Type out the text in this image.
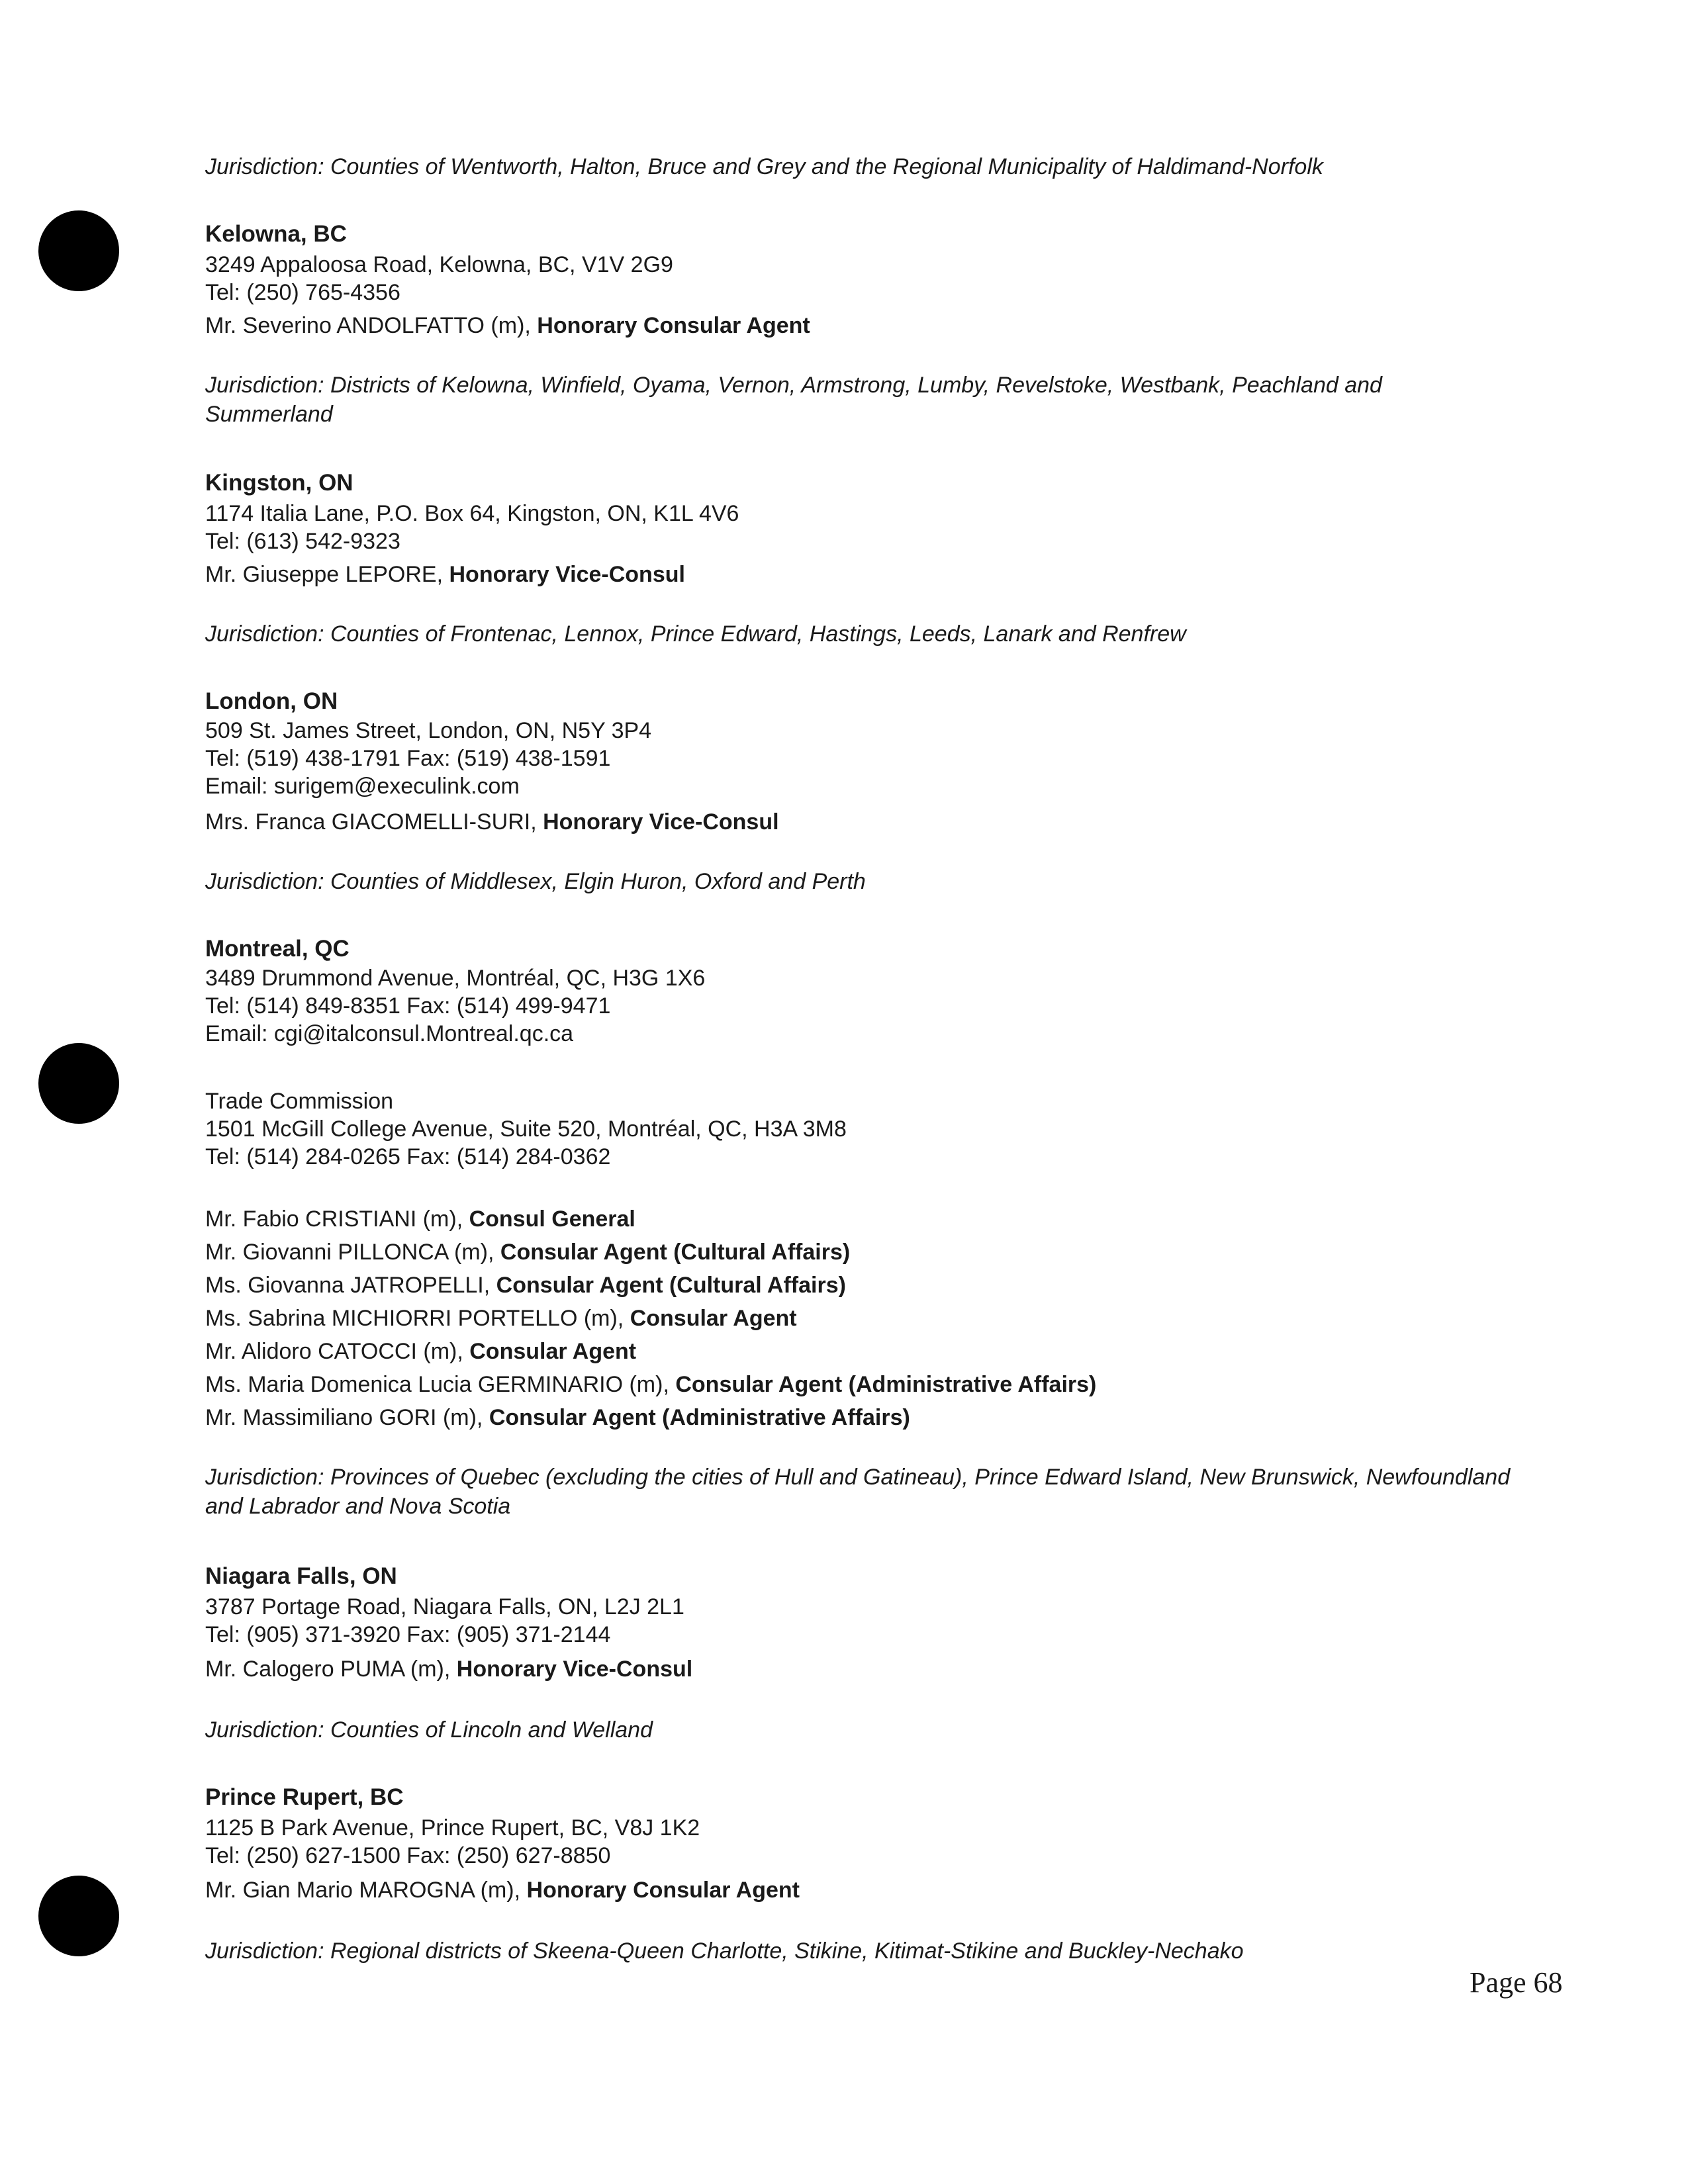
Jurisdiction: Counties of Wentworth, Halton, Bruce and Grey and the Regional Municipality of Haldimand-Norfolk
Kelowna, BC
3249 Appaloosa Road, Kelowna, BC, V1V 2G9
Tel: (250) 765-4356
Mr. Severino ANDOLFATTO (m), Honorary Consular Agent
Jurisdiction: Districts of Kelowna, Winfield, Oyama, Vernon, Armstrong, Lumby, Revelstoke, Westbank, Peachland and Summerland
Kingston, ON
1174 Italia Lane, P.O. Box 64, Kingston, ON, K1L 4V6
Tel: (613) 542-9323
Mr. Giuseppe LEPORE, Honorary Vice-Consul
Jurisdiction: Counties of Frontenac, Lennox, Prince Edward, Hastings, Leeds, Lanark and Renfrew
London, ON
509 St. James Street, London, ON, N5Y 3P4
Tel: (519) 438-1791 Fax: (519) 438-1591
Email: surigem@execulink.com
Mrs. Franca GIACOMELLI-SURI, Honorary Vice-Consul
Jurisdiction: Counties of Middlesex, Elgin Huron, Oxford and Perth
Montreal, QC
3489 Drummond Avenue, Montréal, QC, H3G 1X6
Tel: (514) 849-8351 Fax: (514) 499-9471
Email: cgi@italconsul.Montreal.qc.ca
Trade Commission
1501 McGill College Avenue, Suite 520, Montréal, QC, H3A 3M8
Tel: (514) 284-0265 Fax: (514) 284-0362
Mr. Fabio CRISTIANI (m), Consul General
Mr. Giovanni PILLONCA (m), Consular Agent (Cultural Affairs)
Ms. Giovanna JATROPELLI, Consular Agent (Cultural Affairs)
Ms. Sabrina MICHIORRI PORTELLO (m), Consular Agent
Mr. Alidoro CATOCCI (m), Consular Agent
Ms. Maria Domenica Lucia GERMINARIO (m), Consular Agent (Administrative Affairs)
Mr. Massimiliano GORI (m), Consular Agent (Administrative Affairs)
Jurisdiction: Provinces of Quebec (excluding the cities of Hull and Gatineau), Prince Edward Island, New Brunswick, Newfoundland and Labrador and Nova Scotia
Niagara Falls, ON
3787 Portage Road, Niagara Falls, ON, L2J 2L1
Tel: (905) 371-3920 Fax: (905) 371-2144
Mr. Calogero PUMA (m), Honorary Vice-Consul
Jurisdiction: Counties of Lincoln and Welland
Prince Rupert, BC
1125 B Park Avenue, Prince Rupert, BC, V8J 1K2
Tel: (250) 627-1500 Fax: (250) 627-8850
Mr. Gian Mario MAROGNA (m), Honorary Consular Agent
Jurisdiction: Regional districts of Skeena-Queen Charlotte, Stikine, Kitimat-Stikine and Buckley-Nechako
Page 68
